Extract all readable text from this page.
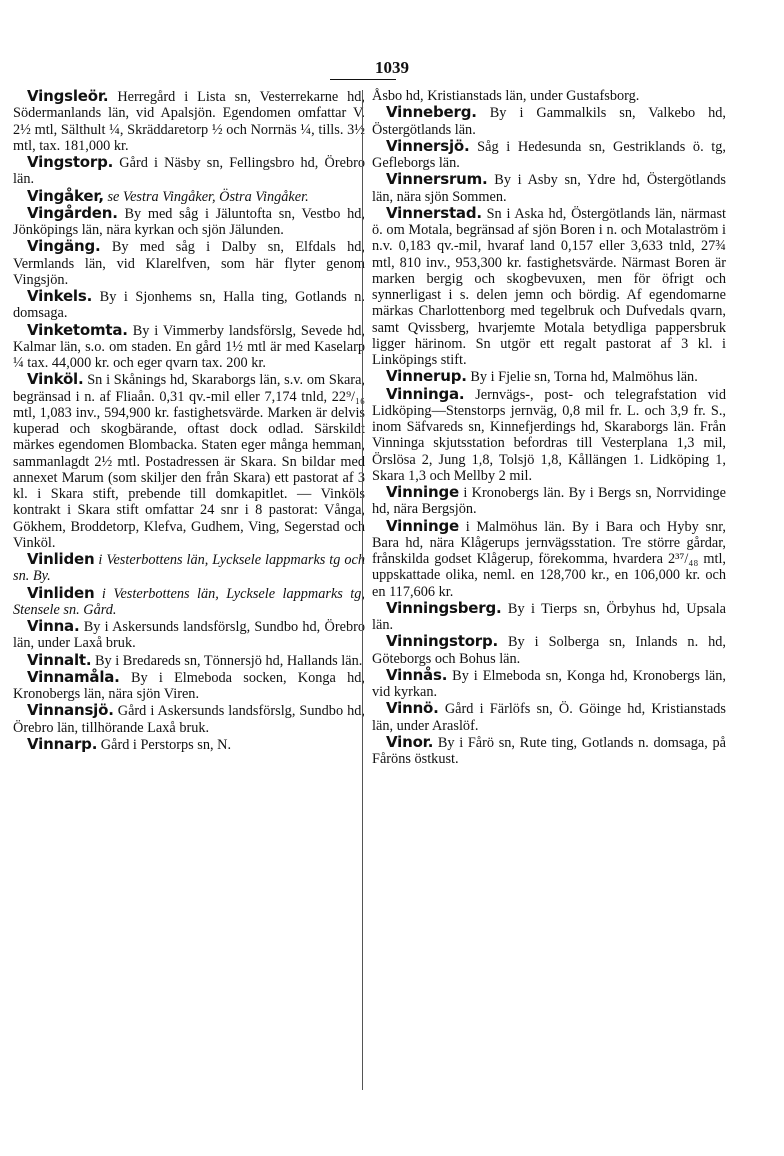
1039

Vingsleör. Herregård i Lista sn, Vesterrekarne hd, Södermanlands län, vid Apalsjön. Egendomen omfattar V. 2½ mtl, Sälthult ¼, Skräddaretorp ½ och Norrnäs ¼, tills. 3½ mtl, tax. 181,000 kr.

Vingstorp. Gård i Näsby sn, Fellingsbro hd, Örebro län.

Vingåker, se Vestra Vingåker, Östra Vingåker.

Vingården. By med såg i Jäluntofta sn, Vestbo hd, Jönköpings län, nära kyrkan och sjön Jälunden.

Vingäng. By med såg i Dalby sn, Elfdals hd, Vermlands län, vid Klarelfven, som här flyter genom Vingsjön.

Vinkels. By i Sjonhems sn, Halla ting, Gotlands n. domsaga.

Vinketomta. By i Vimmerby landsförslg, Sevede hd, Kalmar län, s.o. om staden. En gård 1½ mtl är med Kaselarp ¼ tax. 44,000 kr. och eger qvarn tax. 200 kr.

Vinköl. Sn i Skånings hd, Skaraborgs län, s.v. om Skara, begränsad i n. af Fliaån. 0,31 qv.-mil eller 7,174 tnld, 22⁹/₁₆ mtl, 1,083 inv., 594,900 kr. fastighetsvärde. Marken är delvis kuperad och skogbärande, oftast dock odlad. Särskildt märkes egendomen Blombacka. Staten eger många hemman, sammanlagdt 2½ mtl. Postadressen är Skara. Sn bildar med annexet Marum (som skiljer den från Skara) ett pastorat af 3 kl. i Skara stift, prebende till domkapitlet. — Vinköls kontrakt i Skara stift omfattar 24 snr i 8 pastorat: Vånga, Gökhem, Broddetorp, Klefva, Gudhem, Ving, Segerstad och Vinköl.

Vinliden i Vesterbottens län, Lycksele lappmarks tg och sn. By.

Vinliden i Vesterbottens län, Lycksele lappmarks tg, Stensele sn. Gård.

Vinna. By i Askersunds landsförslg, Sundbo hd, Örebro län, under Laxå bruk.

Vinnalt. By i Bredareds sn, Tönnersjö hd, Hallands län.

Vinnamåla. By i Elmeboda socken, Konga hd, Kronobergs län, nära sjön Viren.

Vinnansjö. Gård i Askersunds landsförslg, Sundbo hd, Örebro län, tillhörande Laxå bruk.

Vinnarp. Gård i Perstorps sn, N.

Åsbo hd, Kristianstads län, under Gustafsborg.

Vinneberg. By i Gammalkils sn, Valkebo hd, Östergötlands län.

Vinnersjö. Såg i Hedesunda sn, Gestriklands ö. tg, Gefleborgs län.

Vinnersrum. By i Asby sn, Ydre hd, Östergötlands län, nära sjön Sommen.

Vinnerstad. Sn i Aska hd, Östergötlands län, närmast ö. om Motala, begränsad af sjön Boren i n. och Motalaström i n.v. 0,183 qv.-mil, hvaraf land 0,157 eller 3,633 tnld, 27¾ mtl, 810 inv., 953,300 kr. fastighetsvärde. Närmast Boren är marken bergig och skogbevuxen, men för öfrigt och synnerligast i s. delen jemn och bördig. Af egendomarne märkas Charlottenborg med tegelbruk och Dufvedals qvarn, samt Qvissberg, hvarjemte Motala betydliga pappersbruk ligger härinom. Sn utgör ett regalt pastorat af 3 kl. i Linköpings stift.

Vinnerup. By i Fjelie sn, Torna hd, Malmöhus län.

Vinninga. Jernvägs-, post- och telegrafstation vid Lidköping—Stenstorps jernväg, 0,8 mil fr. L. och 3,9 fr. S., inom Säfvareds sn, Kinnefjerdings hd, Skaraborgs län. Från Vinninga skjutsstation befordras till Vesterplana 1,3 mil, Örslösa 2, Jung 1,8, Tolsjö 1,8, Kållängen 1. Lidköping 1, Skara 1,3 och Mellby 2 mil.

Vinninge i Kronobergs län. By i Bergs sn, Norrvidinge hd, nära Bergsjön.

Vinninge i Malmöhus län. By i Bara och Hyby snr, Bara hd, nära Klågerups jernvägsstation. Tre större gårdar, frånskilda godset Klågerup, förekomma, hvardera 2³⁷/₄₈ mtl, uppskattade olika, neml. en 128,700 kr., en 106,000 kr. och en 117,606 kr.

Vinningsberg. By i Tierps sn, Örbyhus hd, Upsala län.

Vinningstorp. By i Solberga sn, Inlands n. hd, Göteborgs och Bohus län.

Vinnås. By i Elmeboda sn, Konga hd, Kronobergs län, vid kyrkan.

Vinnö. Gård i Färlöfs sn, Ö. Göinge hd, Kristianstads län, under Araslöf.

Vinor. By i Fårö sn, Rute ting, Gotlands n. domsaga, på Fåröns östkust.
